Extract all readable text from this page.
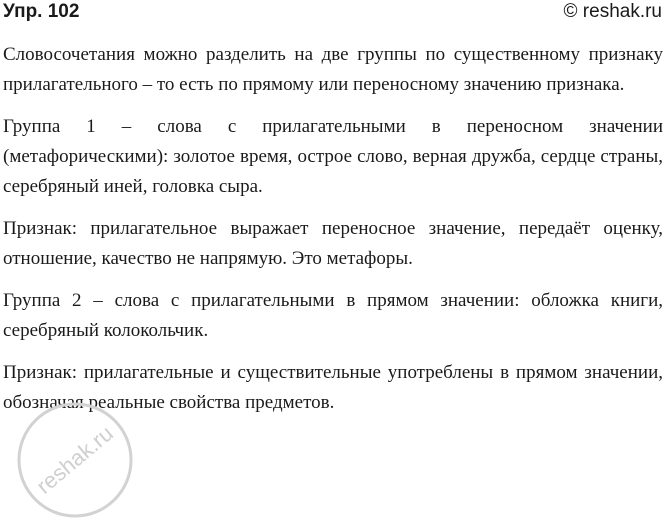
Упр. 102	© reshak.ru

Словосочетания можно разделить на две группы по существенному признаку прилагательного – то есть по прямому или переносному значению признака.

Группа 1 – слова с прилагательными в переносном значении (метафорическими): золотое время, острое слово, верная дружба, сердце страны, серебряный иней, головка сыра.

Признак: прилагательное выражает переносное значение, передаёт оценку, отношение, качество не напрямую. Это метафоры.

Группа 2 – слова с прилагательными в прямом значении: обложка книги, серебряный колокольчик.

Признак: прилагательные и существительные употреблены в прямом значении, обозначая реальные свойства предметов.

reshak.ru
